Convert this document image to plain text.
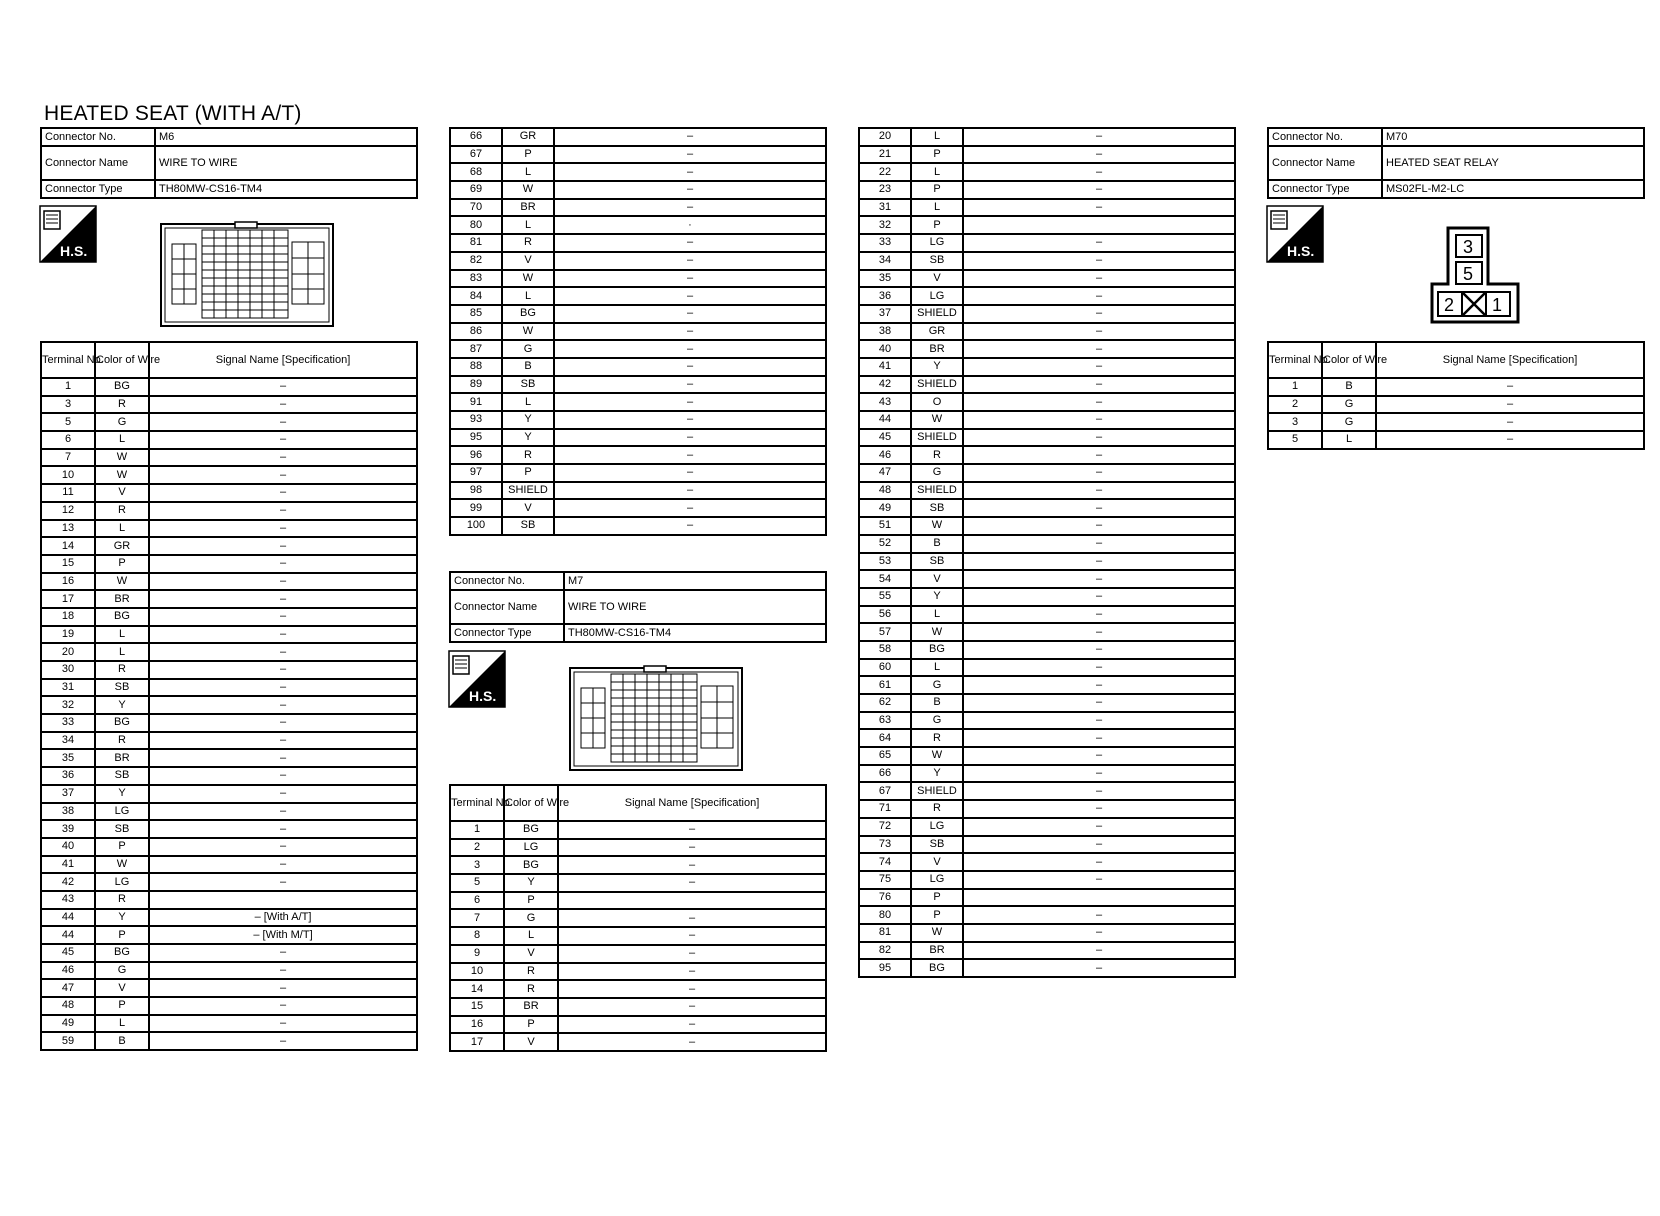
HEATED SEAT (WITH A/T)
Connector No.	M6
Connector Name	WIRE TO WIRE
Connector Type	TH80MW-CS16-TM4
H.S.
Terminal No.	Color of Wire	Signal Name [Specification]
1	BG	–
3	R	–
5	G	–
6	L	–
7	W	–
10	W	–
11	V	–
12	R	–
13	L	–
14	GR	–
15	P	–
16	W	–
17	BR	–
18	BG	–
19	L	–
20	L	–
30	R	–
31	SB	–
32	Y	–
33	BG	–
34	R	–
35	BR	–
36	SB	–
37	Y	–
38	LG	–
39	SB	–
40	P	–
41	W	–
42	LG	–
43	R	
44	Y	– [With A/T]
44	P	– [With M/T]
45	BG	–
46	G	–
47	V	–
48	P	–
49	L	–
59	B	–
66	GR	–
67	P	–
68	L	–
69	W	–
70	BR	–
80	L	·
81	R	–
82	V	–
83	W	–
84	L	–
85	BG	–
86	W	–
87	G	–
88	B	–
89	SB	–
91	L	–
93	Y	–
95	Y	–
96	R	–
97	P	–
98	SHIELD	–
99	V	–
100	SB	–
Connector No.	M7
Connector Name	WIRE TO WIRE
Connector Type	TH80MW-CS16-TM4
H.S.
Terminal No.	Color of Wire	Signal Name [Specification]
1	BG	–
2	LG	–
3	BG	–
5	Y	–
6	P	
7	G	–
8	L	–
9	V	–
10	R	–
14	R	–
15	BR	–
16	P	–
17	V	–
20	L	–
21	P	–
22	L	–
23	P	–
31	L	–
32	P	
33	LG	–
34	SB	–
35	V	–
36	LG	–
37	SHIELD	–
38	GR	–
40	BR	–
41	Y	–
42	SHIELD	–
43	O	–
44	W	–
45	SHIELD	–
46	R	–
47	G	–
48	SHIELD	–
49	SB	–
51	W	–
52	B	–
53	SB	–
54	V	–
55	Y	–
56	L	–
57	W	–
58	BG	–
60	L	–
61	G	–
62	B	–
63	G	–
64	R	–
65	W	–
66	Y	–
67	SHIELD	–
71	R	–
72	LG	–
73	SB	–
74	V	–
75	LG	–
76	P	
80	P	–
81	W	–
82	BR	–
95	BG	–
Connector No.	M70
Connector Name	HEATED SEAT RELAY
Connector Type	MS02FL-M2-LC
H.S.	3
5
2 1
Terminal No.	Color of Wire	Signal Name [Specification]
1	B	–
2	G	–
3	G	–
5	L	–
